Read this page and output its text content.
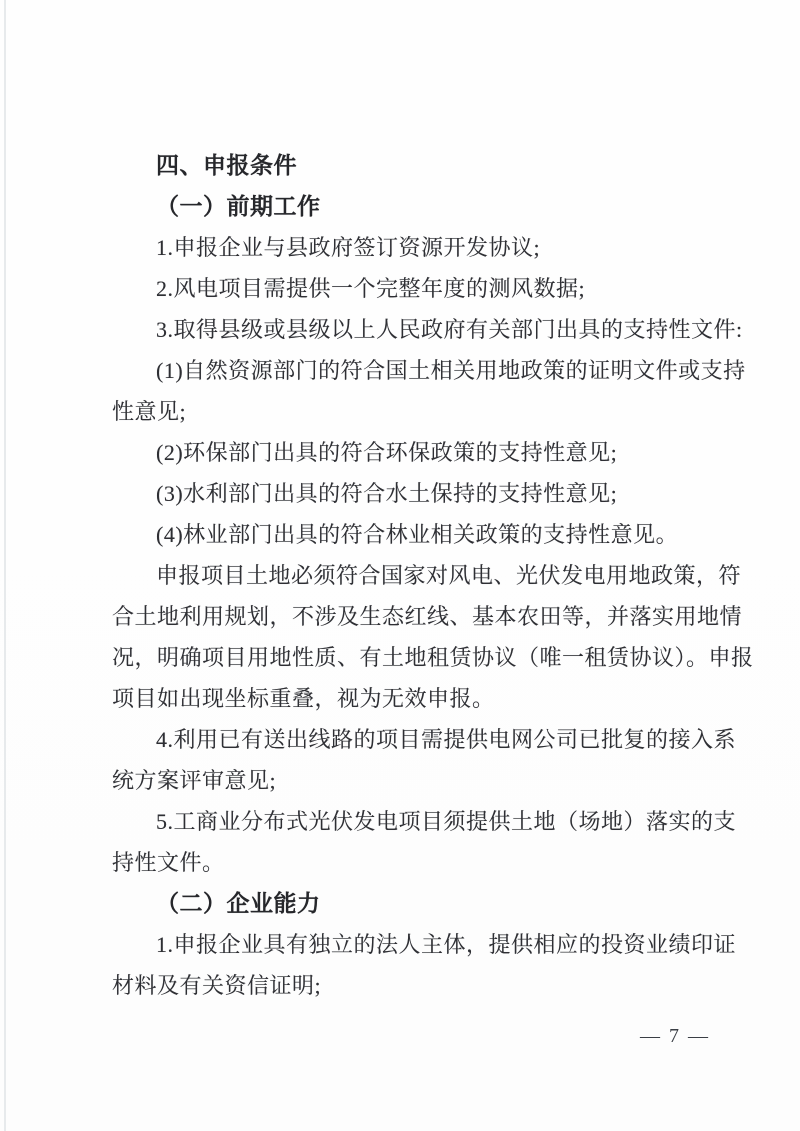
四、申报条件
（一）前期工作
1.申报企业与县政府签订资源开发协议;
2.风电项目需提供一个完整年度的测风数据;
3.取得县级或县级以上人民政府有关部门出具的支持性文件:
(1)自然资源部门的符合国土相关用地政策的证明文件或支持
性意见;
(2)环保部门出具的符合环保政策的支持性意见;
(3)水利部门出具的符合水土保持的支持性意见;
(4)林业部门出具的符合林业相关政策的支持性意见。
申报项目土地必须符合国家对风电、光伏发电用地政策，符
合土地利用规划，不涉及生态红线、基本农田等，并落实用地情
况，明确项目用地性质、有土地租赁协议（唯一租赁协议）。申报
项目如出现坐标重叠，视为无效申报。
4.利用已有送出线路的项目需提供电网公司已批复的接入系
统方案评审意见;
5.工商业分布式光伏发电项目须提供土地（场地）落实的支
持性文件。
（二）企业能力
1.申报企业具有独立的法人主体，提供相应的投资业绩印证
材料及有关资信证明;
— 7 —
